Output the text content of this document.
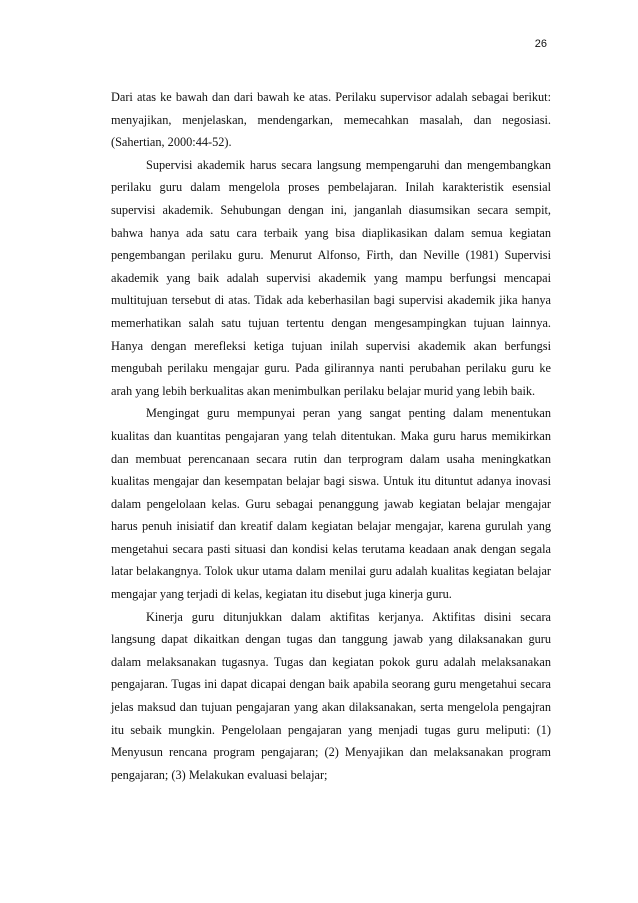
26

Dari atas ke bawah dan dari bawah ke atas. Perilaku supervisor adalah sebagai berikut: menyajikan, menjelaskan, mendengarkan, memecahkan masalah, dan negosiasi. (Sahertian, 2000:44-52).

Supervisi akademik harus secara langsung mempengaruhi dan mengembangkan perilaku guru dalam mengelola proses pembelajaran. Inilah karakteristik esensial supervisi akademik. Sehubungan dengan ini, janganlah diasumsikan secara sempit, bahwa hanya ada satu cara terbaik yang bisa diaplikasikan dalam semua kegiatan pengembangan perilaku guru. Menurut Alfonso, Firth, dan Neville (1981) Supervisi akademik yang baik adalah supervisi akademik yang mampu berfungsi mencapai multitujuan tersebut di atas. Tidak ada keberhasilan bagi supervisi akademik jika hanya memerhatikan salah satu tujuan tertentu dengan mengesampingkan tujuan lainnya. Hanya dengan merefleksi ketiga tujuan inilah supervisi akademik akan berfungsi mengubah perilaku mengajar guru. Pada gilirannya nanti perubahan perilaku guru ke arah yang lebih berkualitas akan menimbulkan perilaku belajar murid yang lebih baik.

Mengingat guru mempunyai peran yang sangat penting dalam menentukan kualitas dan kuantitas pengajaran yang telah ditentukan. Maka guru harus memikirkan dan membuat perencanaan secara rutin dan terprogram dalam usaha meningkatkan kualitas mengajar dan kesempatan belajar bagi siswa. Untuk itu dituntut adanya inovasi dalam pengelolaan kelas. Guru sebagai penanggung jawab kegiatan belajar mengajar harus penuh inisiatif dan kreatif dalam kegiatan belajar mengajar, karena gurulah yang mengetahui secara pasti situasi dan kondisi kelas terutama keadaan anak dengan segala latar belakangnya. Tolok ukur utama dalam menilai guru adalah kualitas kegiatan belajar mengajar yang terjadi di kelas, kegiatan itu disebut juga kinerja guru.

Kinerja guru ditunjukkan dalam aktifitas kerjanya. Aktifitas disini secara langsung dapat dikaitkan dengan tugas dan tanggung jawab yang dilaksanakan guru dalam melaksanakan tugasnya. Tugas dan kegiatan pokok guru adalah melaksanakan pengajaran. Tugas ini dapat dicapai dengan baik apabila seorang guru mengetahui secara jelas maksud dan tujuan pengajaran yang akan dilaksanakan, serta mengelola pengajran itu sebaik mungkin. Pengelolaan pengajaran yang menjadi tugas guru meliputi: (1) Menyusun rencana program pengajaran; (2) Menyajikan dan melaksanakan program pengajaran; (3) Melakukan evaluasi belajar;
